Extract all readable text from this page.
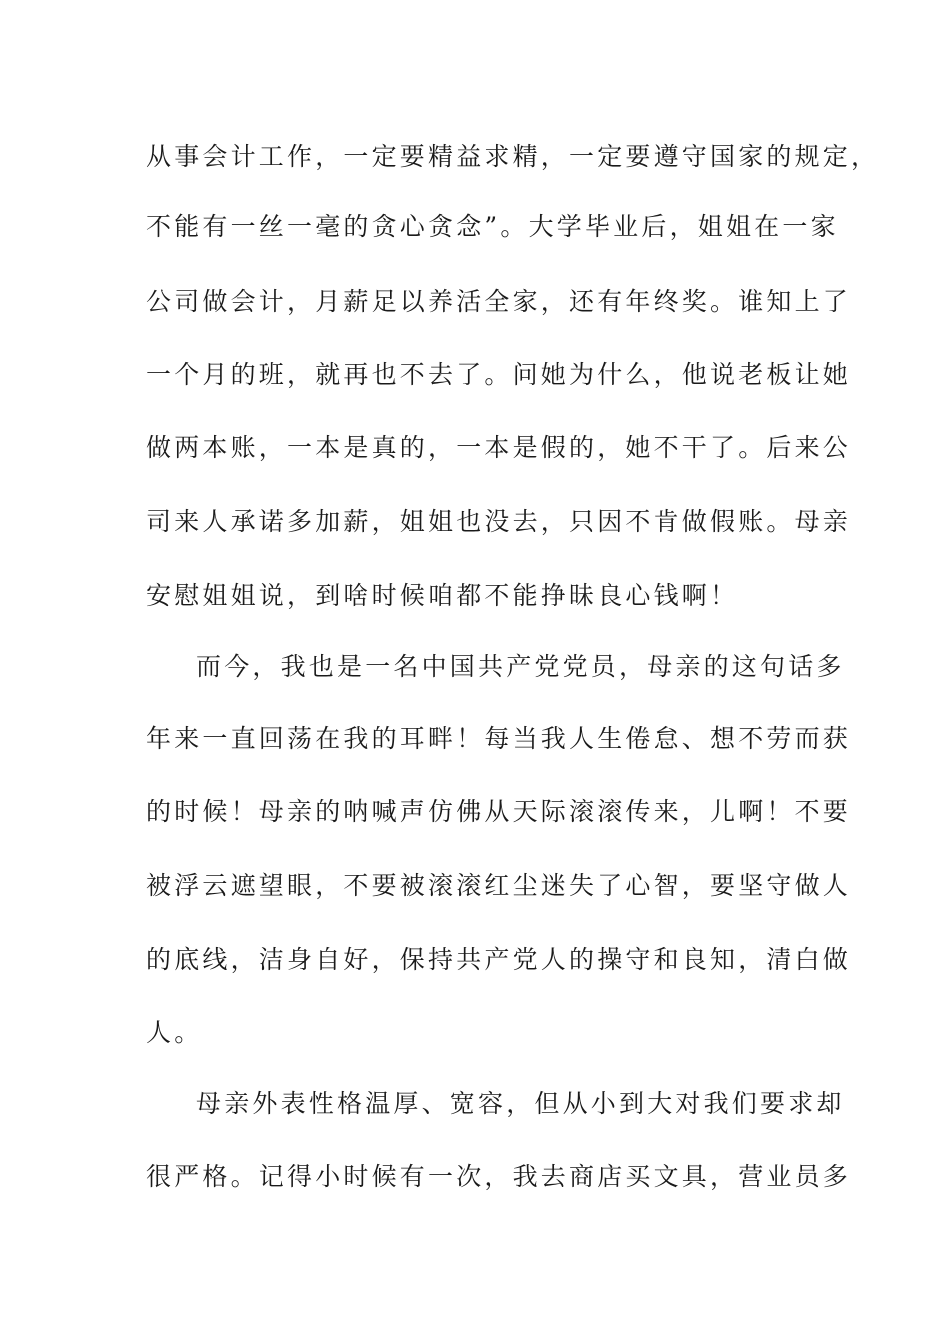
从事会计工作，一定要精益求精，一定要遵守国家的规定，
不能有一丝一毫的贪心贪念”。大学毕业后，姐姐在一家
公司做会计，月薪足以养活全家，还有年终奖。谁知上了
一个月的班，就再也不去了。问她为什么，他说老板让她
做两本账，一本是真的，一本是假的，她不干了。后来公
司来人承诺多加薪，姐姐也没去，只因不肯做假账。母亲
安慰姐姐说，到啥时候咱都不能挣昧良心钱啊！
而今，我也是一名中国共产党党员，母亲的这句话多
年来一直回荡在我的耳畔！每当我人生倦怠、想不劳而获
的时候！母亲的呐喊声仿佛从天际滚滚传来，儿啊！不要
被浮云遮望眼，不要被滚滚红尘迷失了心智，要坚守做人
的底线，洁身自好，保持共产党人的操守和良知，清白做
人。
母亲外表性格温厚、宽容，但从小到大对我们要求却
很严格。记得小时候有一次，我去商店买文具，营业员多
